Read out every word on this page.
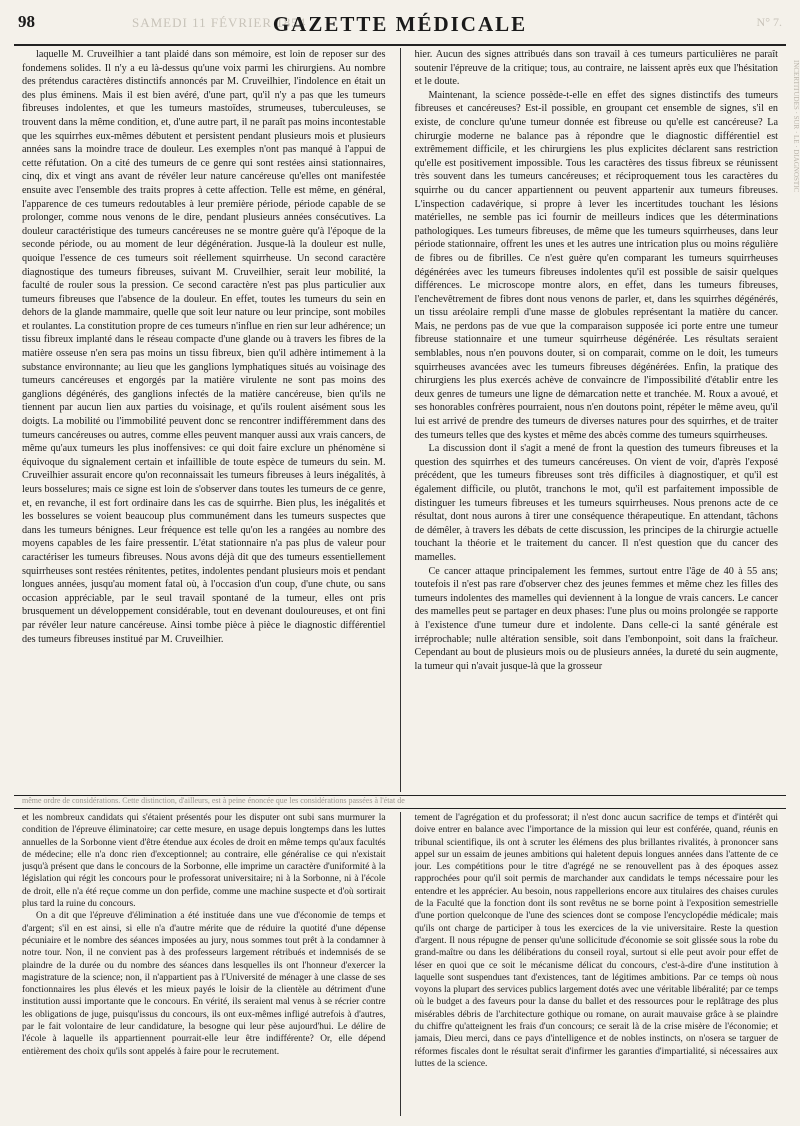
98	SAMEDI 11 FÉVRIER 1854
GAZETTE MÉDICALE	N° 7.

laquelle M. Cruveilhier a tant plaidé dans son mémoire, est loin de reposer sur des fondemens solides. Il n'y a eu là-dessus qu'une voix parmi les chirurgiens. Au nombre des prétendus caractères distinctifs annoncés par M. Cruveilhier, l'indolence en était un des plus éminens. Mais il est bien avéré, d'une part, qu'il n'y a pas que les tumeurs fibreuses indolentes, et que les tumeurs mastoïdes, strumeuses, tuberculeuses, se trouvent dans la même condition, et, d'une autre part, il ne paraît pas moins incontestable que les squirrhes eux-mêmes débutent et persistent pendant plusieurs mois et plusieurs années sans la moindre trace de douleur. Les exemples n'ont pas manqué à l'appui de cette réfutation. On a cité des tumeurs de ce genre qui sont restées ainsi stationnaires, cinq, dix et vingt ans avant de révéler leur nature cancéreuse qu'elles ont manifestée ensuite avec l'ensemble des traits propres à cette affection. Telle est même, en général, l'apparence de ces tumeurs redoutables à leur première période, période capable de se prolonger, comme nous venons de le dire, pendant plusieurs années consécutives. La douleur caractéristique des tumeurs cancéreuses ne se montre guère qu'à l'époque de la seconde période, ou au moment de leur dégénération. Jusque-là la douleur est nulle, quoique l'essence de ces tumeurs soit réellement squirrheuse. Un second caractère diagnostique des tumeurs fibreuses, suivant M. Cruveilhier, serait leur mobilité, la faculté de rouler sous la pression. Ce second caractère n'est pas plus particulier aux tumeurs fibreuses que l'absence de la douleur. En effet, toutes les tumeurs du sein en dehors de la glande mammaire, quelle que soit leur nature ou leur principe, sont mobiles et roulantes. La constitution propre de ces tumeurs n'influe en rien sur leur adhérence; un tissu fibreux implanté dans le réseau compacte d'une glande ou à travers les fibres de la matière osseuse n'en sera pas moins un tissu fibreux, bien qu'il adhère intimement à la substance environnante; au lieu que les ganglions lymphatiques situés au voisinage des tumeurs cancéreuses et engorgés par la matière virulente ne sont pas moins des ganglions dégénérés, des ganglions infectés de la matière cancéreuse, bien qu'ils ne tiennent par aucun lien aux parties du voisinage, et qu'ils roulent aisément sous les doigts. La mobilité ou l'immobilité peuvent donc se rencontrer indifféremment dans des tumeurs cancéreuses ou autres, comme elles peuvent manquer aussi aux vrais cancers, de même qu'aux tumeurs les plus inoffensives: ce qui doit faire exclure un phénomène si équivoque du signalement certain et infaillible de toute espèce de tumeurs du sein. M. Cruveilhier assurait encore qu'on reconnaissait les tumeurs fibreuses à leurs inégalités, à leurs bosselures; mais ce signe est loin de s'observer dans toutes les tumeurs de ce genre, et, en revanche, il est fort ordinaire dans les cas de squirrhe. Bien plus, les inégalités et les bosselures se voient beaucoup plus communément dans les tumeurs suspectes que dans les tumeurs bénignes. Leur fréquence est telle qu'on les a rangées au nombre des moyens capables de les faire pressentir. L'état stationnaire n'a pas plus de valeur pour caractériser les tumeurs fibreuses. Nous avons déjà dit que des tumeurs essentiellement squirrheuses sont restées rénitentes, petites, indolentes pendant plusieurs mois et pendant longues années, jusqu'au moment fatal où, à l'occasion d'un coup, d'une chute, ou sans occasion appréciable, par le seul travail spontané de la tumeur, elles ont pris brusquement un développement considérable, tout en devenant douloureuses, et ont fini par révéler leur nature cancéreuse. Ainsi tombe pièce à pièce le diagnostic différentiel des tumeurs fibreuses institué par M. Cruveilhier.

hier. Aucun des signes attribués dans son travail à ces tumeurs particulières ne paraît soutenir l'épreuve de la critique; tous, au contraire, ne laissent après eux que l'hésitation et le doute.

Maintenant, la science possède-t-elle en effet des signes distinctifs des tumeurs fibreuses et cancéreuses? Est-il possible, en groupant cet ensemble de signes, s'il en existe, de conclure qu'une tumeur donnée est fibreuse ou qu'elle est cancéreuse? La chirurgie moderne ne balance pas à répondre que le diagnostic différentiel est extrêmement difficile, et les chirurgiens les plus explicites déclarent sans restriction qu'elle est positivement impossible. Tous les caractères des tissus fibreux se réunissent très souvent dans les tumeurs cancéreuses; et réciproquement tous les caractères du squirrhe ou du cancer appartiennent ou peuvent appartenir aux tumeurs fibreuses. L'inspection cadavérique, si propre à lever les incertitudes touchant les lésions matérielles, ne semble pas ici fournir de meilleurs indices que les déterminations pathologiques. Les tumeurs fibreuses, de même que les tumeurs squirrheuses, dans leur période stationnaire, offrent les unes et les autres une intrication plus ou moins régulière de fibres ou de fibrilles. Ce n'est guère qu'en comparant les tumeurs squirrheuses dégénérées avec les tumeurs fibreuses indolentes qu'il est possible de saisir quelques différences. Le microscope montre alors, en effet, dans les tumeurs fibreuses, l'enchevêtrement de fibres dont nous venons de parler, et, dans les squirrhes dégénérés, un tissu aréolaire rempli d'une masse de globules représentant la matière du cancer. Mais, ne perdons pas de vue que la comparaison supposée ici porte entre une tumeur fibreuse stationnaire et une tumeur squirrheuse dégénérée. Les résultats seraient semblables, nous n'en pouvons douter, si on comparait, comme on le doit, les tumeurs squirrheuses avancées avec les tumeurs fibreuses dégénérées. Enfin, la pratique des chirurgiens les plus exercés achève de convaincre de l'impossibilité d'établir entre les deux genres de tumeurs une ligne de démarcation nette et tranchée. M. Roux a avoué, et ses honorables confrères pourraient, nous n'en doutons point, répéter le même aveu, qu'il lui est arrivé de prendre des tumeurs de diverses natures pour des squirrhes, et de traiter des tumeurs telles que des kystes et même des abcès comme des tumeurs squirrheuses.

La discussion dont il s'agit a mené de front la question des tumeurs fibreuses et la question des squirrhes et des tumeurs cancéreuses. On vient de voir, d'après l'exposé précédent, que les tumeurs fibreuses sont très difficiles à diagnostiquer, et qu'il est également difficile, ou plutôt, tranchons le mot, qu'il est parfaitement impossible de distinguer les tumeurs fibreuses et les tumeurs squirrheuses. Nous prenons acte de ce résultat, dont nous aurons à tirer une conséquence thérapeutique. En attendant, tâchons de démêler, à travers les débats de cette discussion, les principes de la chirurgie actuelle touchant la théorie et le traitement du cancer. Il n'est question que du cancer des mamelles.

Ce cancer attaque principalement les femmes, surtout entre l'âge de 40 à 55 ans; toutefois il n'est pas rare d'observer chez des jeunes femmes et même chez les filles des tumeurs indolentes des mamelles qui deviennent à la longue de vrais cancers. Le cancer des mamelles peut se partager en deux phases: l'une plus ou moins prolongée se rapporte à l'existence d'une tumeur dure et indolente. Dans celle-ci la santé générale est irréprochable; nulle altération sensible, soit dans l'embonpoint, soit dans la fraîcheur. Cependant au bout de plusieurs mois ou de plusieurs années, la dureté du sein augmente, la tumeur qui n'avait jusque-là que la grosseur

même ordre de considérations. Cette distinction, d'ailleurs, est à peine énoncée que les considérations passées à l'état de

et les nombreux candidats qui s'étaient présentés pour les disputer ont subi sans murmurer la condition de l'épreuve éliminatoire; car cette mesure, en usage depuis longtemps dans les luttes annuelles de la Sorbonne vient d'être étendue aux écoles de droit en même temps qu'aux facultés de médecine; elle n'a donc rien d'exceptionnel; au contraire, elle généralise ce qui n'existait jusqu'à présent que dans le concours de la Sorbonne, elle imprime un caractère d'uniformité à la législation qui régit les concours pour le professorat universitaire; ni à la Sorbonne, ni à l'école de droit, elle n'a été reçue comme un don perfide, comme une machine suspecte et d'où sortirait plus tard la ruine du concours.

On a dit que l'épreuve d'élimination a été instituée dans une vue d'économie de temps et d'argent; s'il en est ainsi, si elle n'a d'autre mérite que de réduire la quotité d'une dépense pécuniaire et le nombre des séances imposées au jury, nous sommes tout prêt à la condamner à notre tour. Non, il ne convient pas à des professeurs largement rétribués et indemnisés de se plaindre de la durée ou du nombre des séances dans lesquelles ils ont l'honneur d'exercer la magistrature de la science; non, il n'appartient pas à l'Université de ménager à une classe de ses fonctionnaires les plus élevés et les mieux payés le loisir de la clientèle au détriment d'une institution aussi importante que le concours. En vérité, ils seraient mal venus à se récrier contre les obligations de juge, puisqu'issus du concours, ils ont eux-mêmes infligé autrefois à d'autres, par le fait volontaire de leur candidature, la besogne qui leur pèse aujourd'hui. Le délire de l'école à laquelle ils appartiennent pourrait-elle leur être indifférente? Or, elle dépend entièrement des choix qu'ils sont appelés à faire pour le recrutement.

tement de l'agrégation et du professorat; il n'est donc aucun sacrifice de temps et d'intérêt qui doive entrer en balance avec l'importance de la mission qui leur est conférée, quand, réunis en tribunal scientifique, ils ont à scruter les élémens des plus brillantes rivalités, à prononcer sans appel sur un essaim de jeunes ambitions qui haletent depuis longues années dans l'attente de ce jour. Les compétitions pour le titre d'agrégé ne se renouvellent pas à des époques assez rapprochées pour qu'il soit permis de marchander aux candidats le temps nécessaire pour les entendre et les apprécier. Au besoin, nous rappellerions encore aux titulaires des chaises curules de la Faculté que la fonction dont ils sont revêtus ne se borne point à l'exposition semestrielle d'une portion quelconque de l'une des sciences dont se compose l'encyclopédie médicale; mais qu'ils ont charge de participer à tous les exercices de la vie universitaire. Reste la question d'argent. Il nous répugne de penser qu'une sollicitude d'économie se soit glissée sous la robe du grand-maître ou dans les délibérations du conseil royal, surtout si elle peut avoir pour effet de léser en quoi que ce soit le mécanisme délicat du concours, c'est-à-dire d'une institution à laquelle sont suspendues tant d'existences, tant de légitimes ambitions. Par ce temps où nous voyons la plupart des services publics largement dotés avec une véritable libéralité; par ce temps où le budget a des faveurs pour la danse du ballet et des ressources pour le replâtrage des plus misérables débris de l'architecture gothique ou romane, on aurait mauvaise grâce à se plaindre du chiffre qu'atteignent les frais d'un concours; ce serait là de la crise misère de l'économie; et jamais, Dieu merci, dans ce pays d'intelligence et de nobles instincts, on n'osera se targuer de réformes fiscales dont le résultat serait d'infirmer les garanties d'impartialité, si nécessaires aux luttes de la science.

INCERTITUDES · SUR · LE · DIAGNOSTIC
